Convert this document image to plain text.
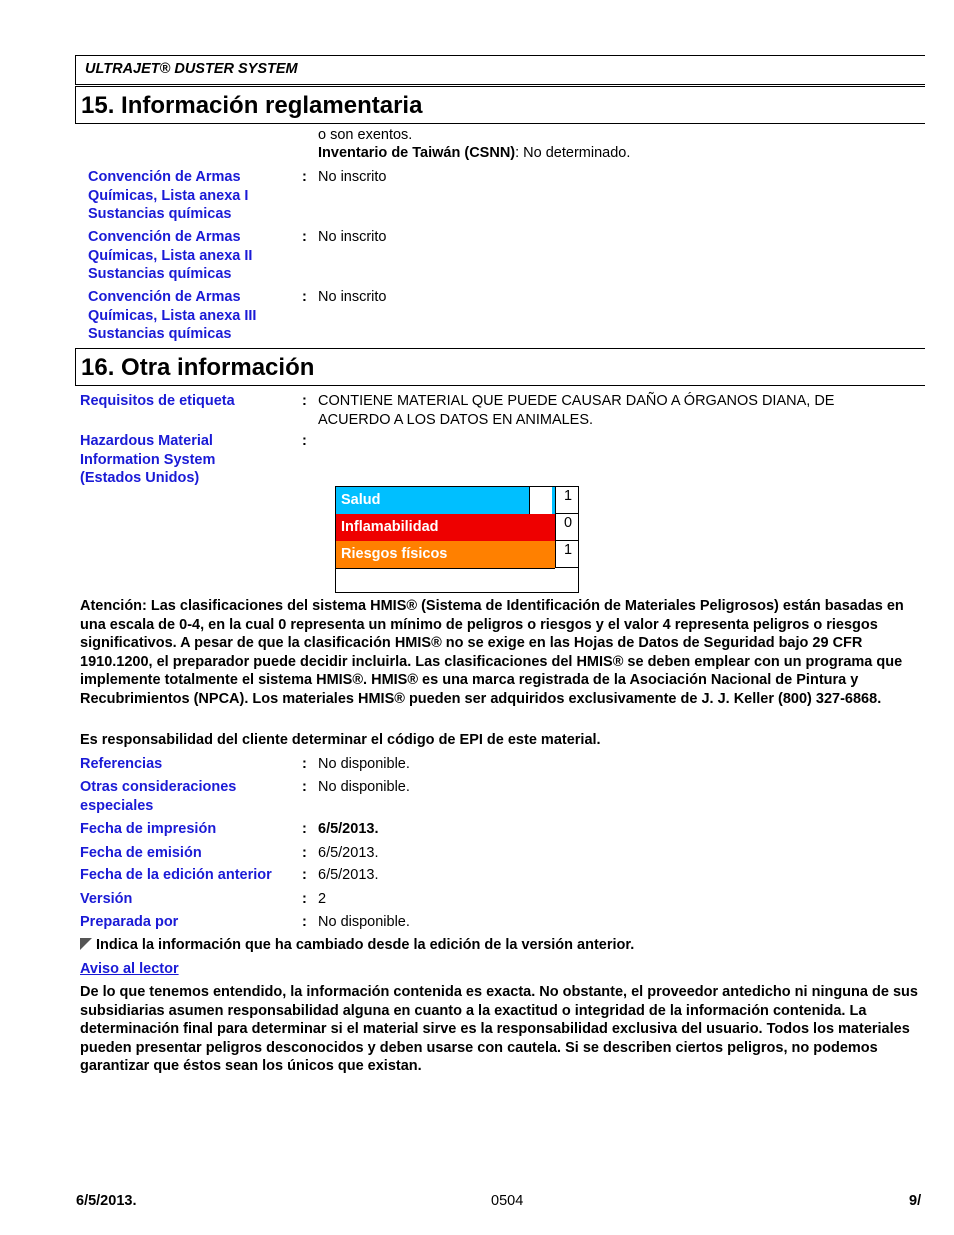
ULTRAJET® DUSTER SYSTEM
15. Información reglamentaria
o son exentos.
Inventario de Taiwán (CSNN): No determinado.
Convención de Armas
Químicas, Lista anexa I
Sustancias químicas
: No inscrito
Convención de Armas
Químicas, Lista anexa II
Sustancias químicas
: No inscrito
Convención de Armas
Químicas, Lista anexa III
Sustancias químicas
: No inscrito
16. Otra información
Requisitos de etiqueta	: CONTIENE MATERIAL QUE PUEDE CAUSAR DAÑO A ÓRGANOS DIANA, DE
ACUERDO A LOS DATOS EN ANIMALES.
Hazardous Material
Information System
(Estados Unidos)
:
Salud	1
Inflamabilidad	0
Riesgos físicos	1
Atención: Las clasificaciones del sistema HMIS® (Sistema de Identificación de Materiales Peligrosos) están basadas en una escala de 0-4, en la cual 0 representa un mínimo de peligros o riesgos y el valor 4 representa peligros o riesgos significativos. A pesar de que la clasificación HMIS® no se exige en las Hojas de Datos de Seguridad bajo 29 CFR 1910.1200, el preparador puede decidir incluirla. Las clasificaciones del HMIS® se deben emplear con un programa que implemente totalmente el sistema HMIS®. HMIS® es una marca registrada de la Asociación Nacional de Pintura y Recubrimientos (NPCA). Los materiales HMIS® pueden ser adquiridos exclusivamente de J. J. Keller (800) 327-6868.
Es responsabilidad del cliente determinar el código de EPI de este material.
Referencias	: No disponible.
Otras consideraciones
especiales
: No disponible.
Fecha de impresión	: 6/5/2013.
Fecha de emisión	: 6/5/2013.
Fecha de la edición anterior	: 6/5/2013.
Versión	: 2
Preparada por	: No disponible.
Indica la información que ha cambiado desde la edición de la versión anterior.
Aviso al lector
De lo que tenemos entendido, la información contenida es exacta. No obstante, el proveedor antedicho ni ninguna de sus subsidiarias asumen responsabilidad alguna en cuanto a la exactitud o integridad de la información contenida. La determinación final para determinar si el material sirve es la responsabilidad exclusiva del usuario. Todos los materiales pueden presentar peligros desconocidos y deben usarse con cautela. Si se describen ciertos peligros, no podemos garantizar que éstos sean los únicos que existan.
6/5/2013.	0504	9/
